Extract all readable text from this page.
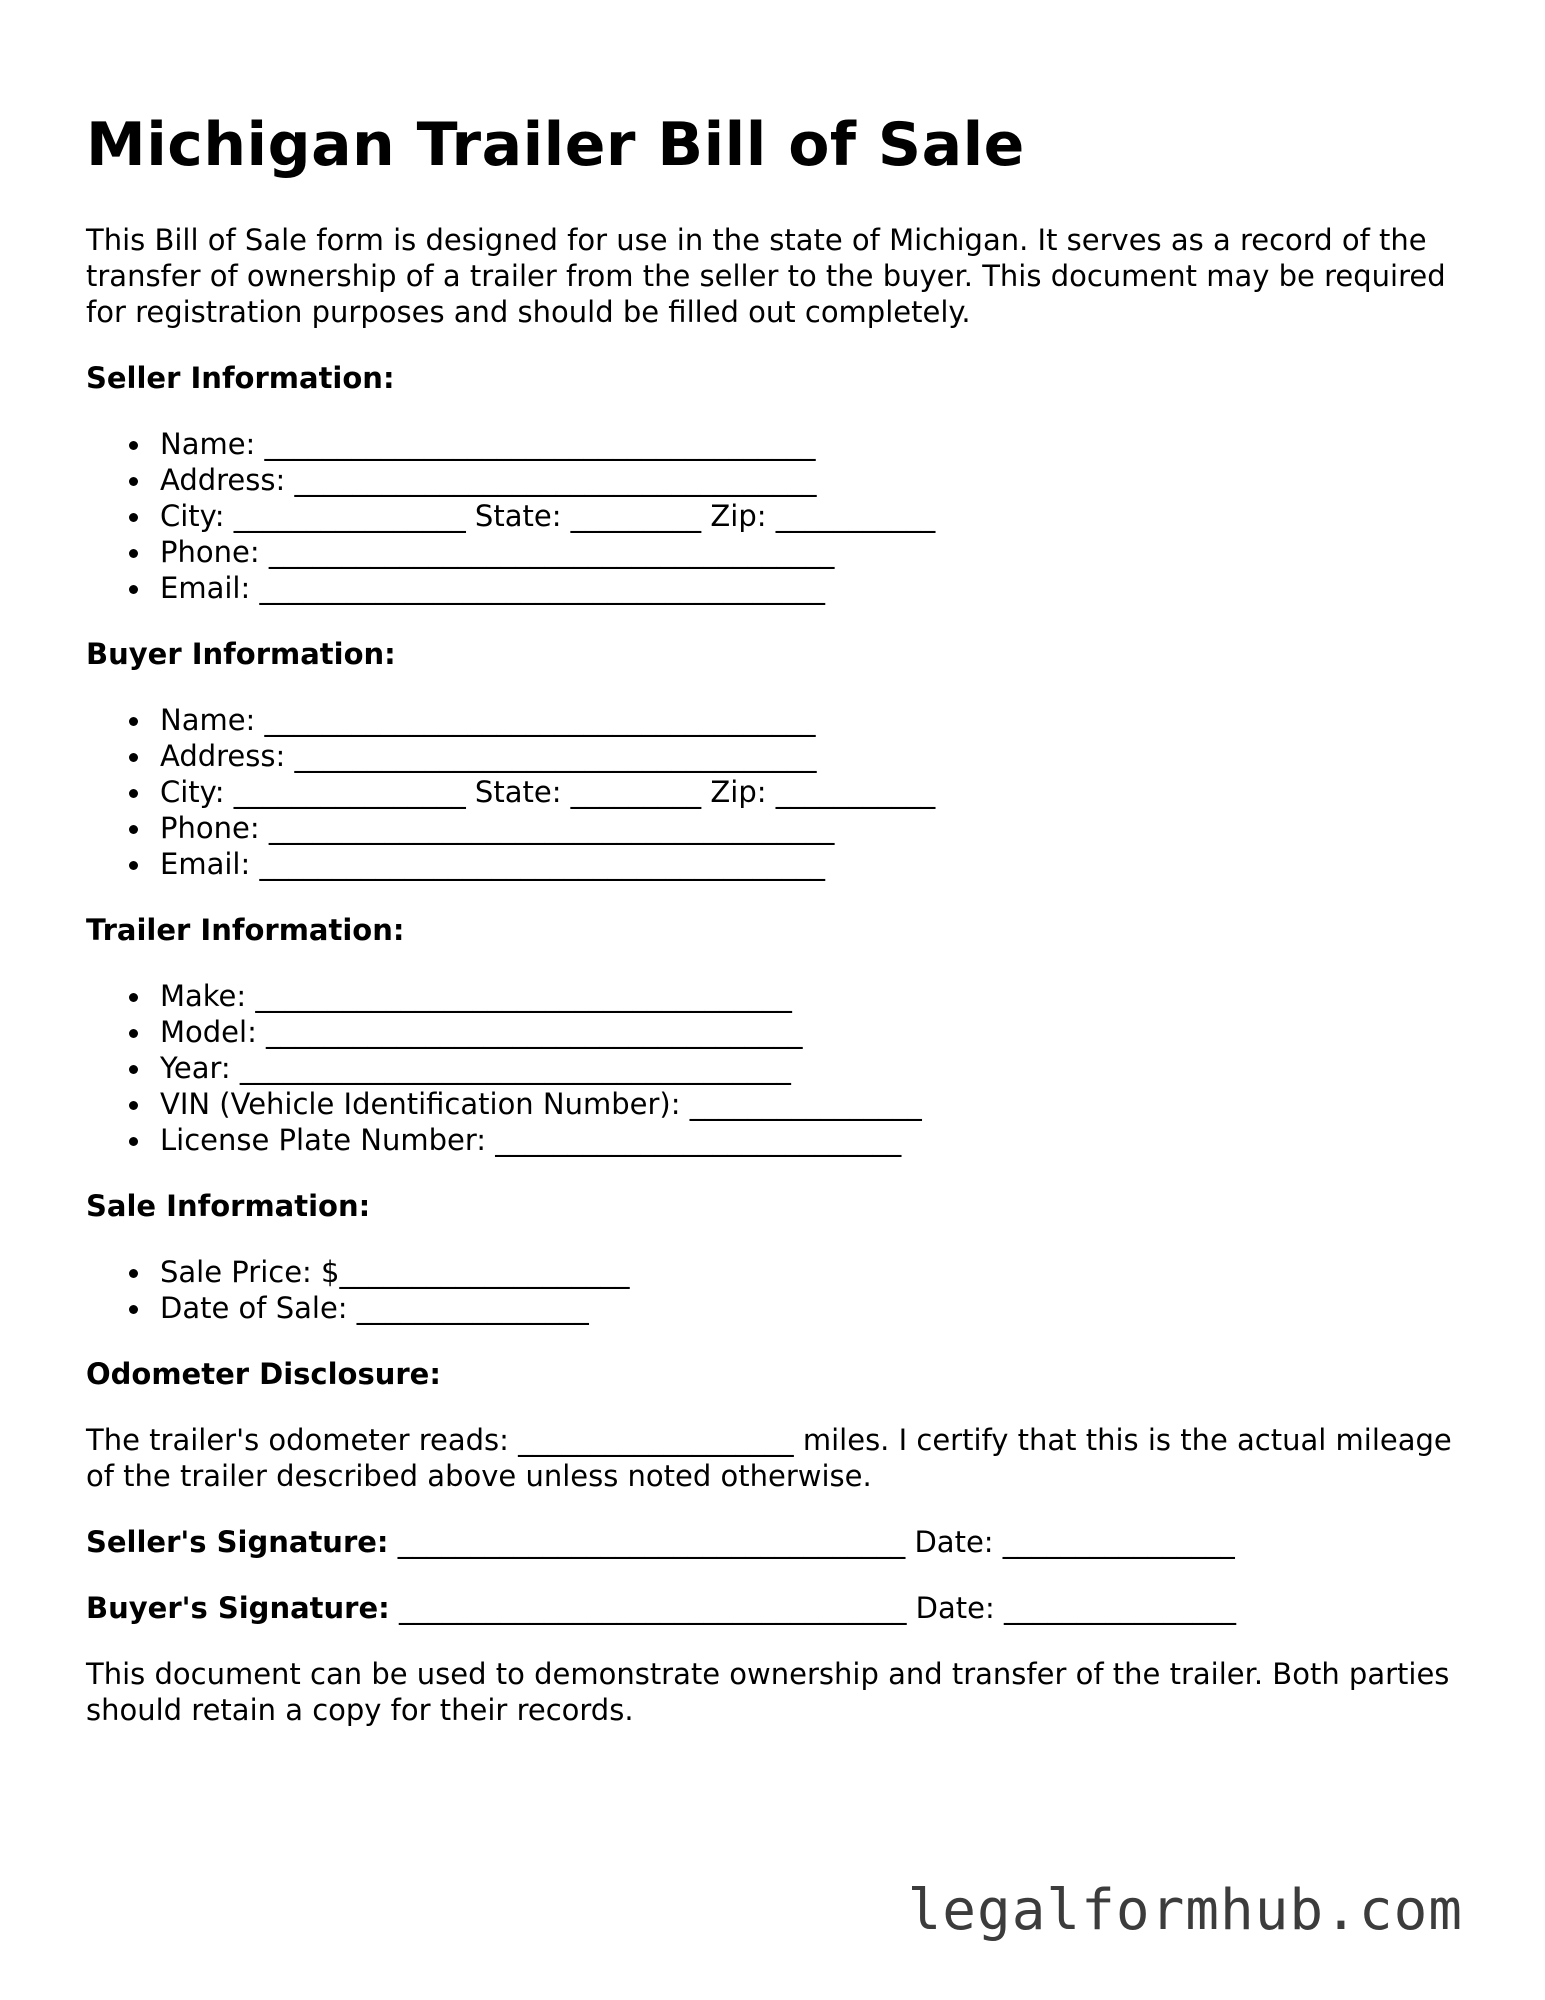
Michigan Trailer Bill of Sale

This Bill of Sale form is designed for use in the state of Michigan. It serves as a record of the transfer of ownership of a trailer from the seller to the buyer. This document may be required for registration purposes and should be filled out completely.

Seller Information:
Name: ______________________________________
Address: ____________________________________
City: ________________ State: _________ Zip: ___________
Phone: _______________________________________
Email: _______________________________________
Buyer Information:
Name: ______________________________________
Address: ____________________________________
City: ________________ State: _________ Zip: ___________
Phone: _______________________________________
Email: _______________________________________
Trailer Information:
Make: _____________________________________
Model: _____________________________________
Year: ______________________________________
VIN (Vehicle Identification Number): ________________
License Plate Number: ____________________________
Sale Information:
Sale Price: $____________________
Date of Sale: ________________
Odometer Disclosure:

The trailer's odometer reads: ___________________ miles. I certify that this is the actual mileage of the trailer described above unless noted otherwise.

Seller's Signature: ___________________________________ Date: ________________
Buyer's Signature: ___________________________________ Date: ________________

This document can be used to demonstrate ownership and transfer of the trailer. Both parties should retain a copy for their records.

legalformhub.com
